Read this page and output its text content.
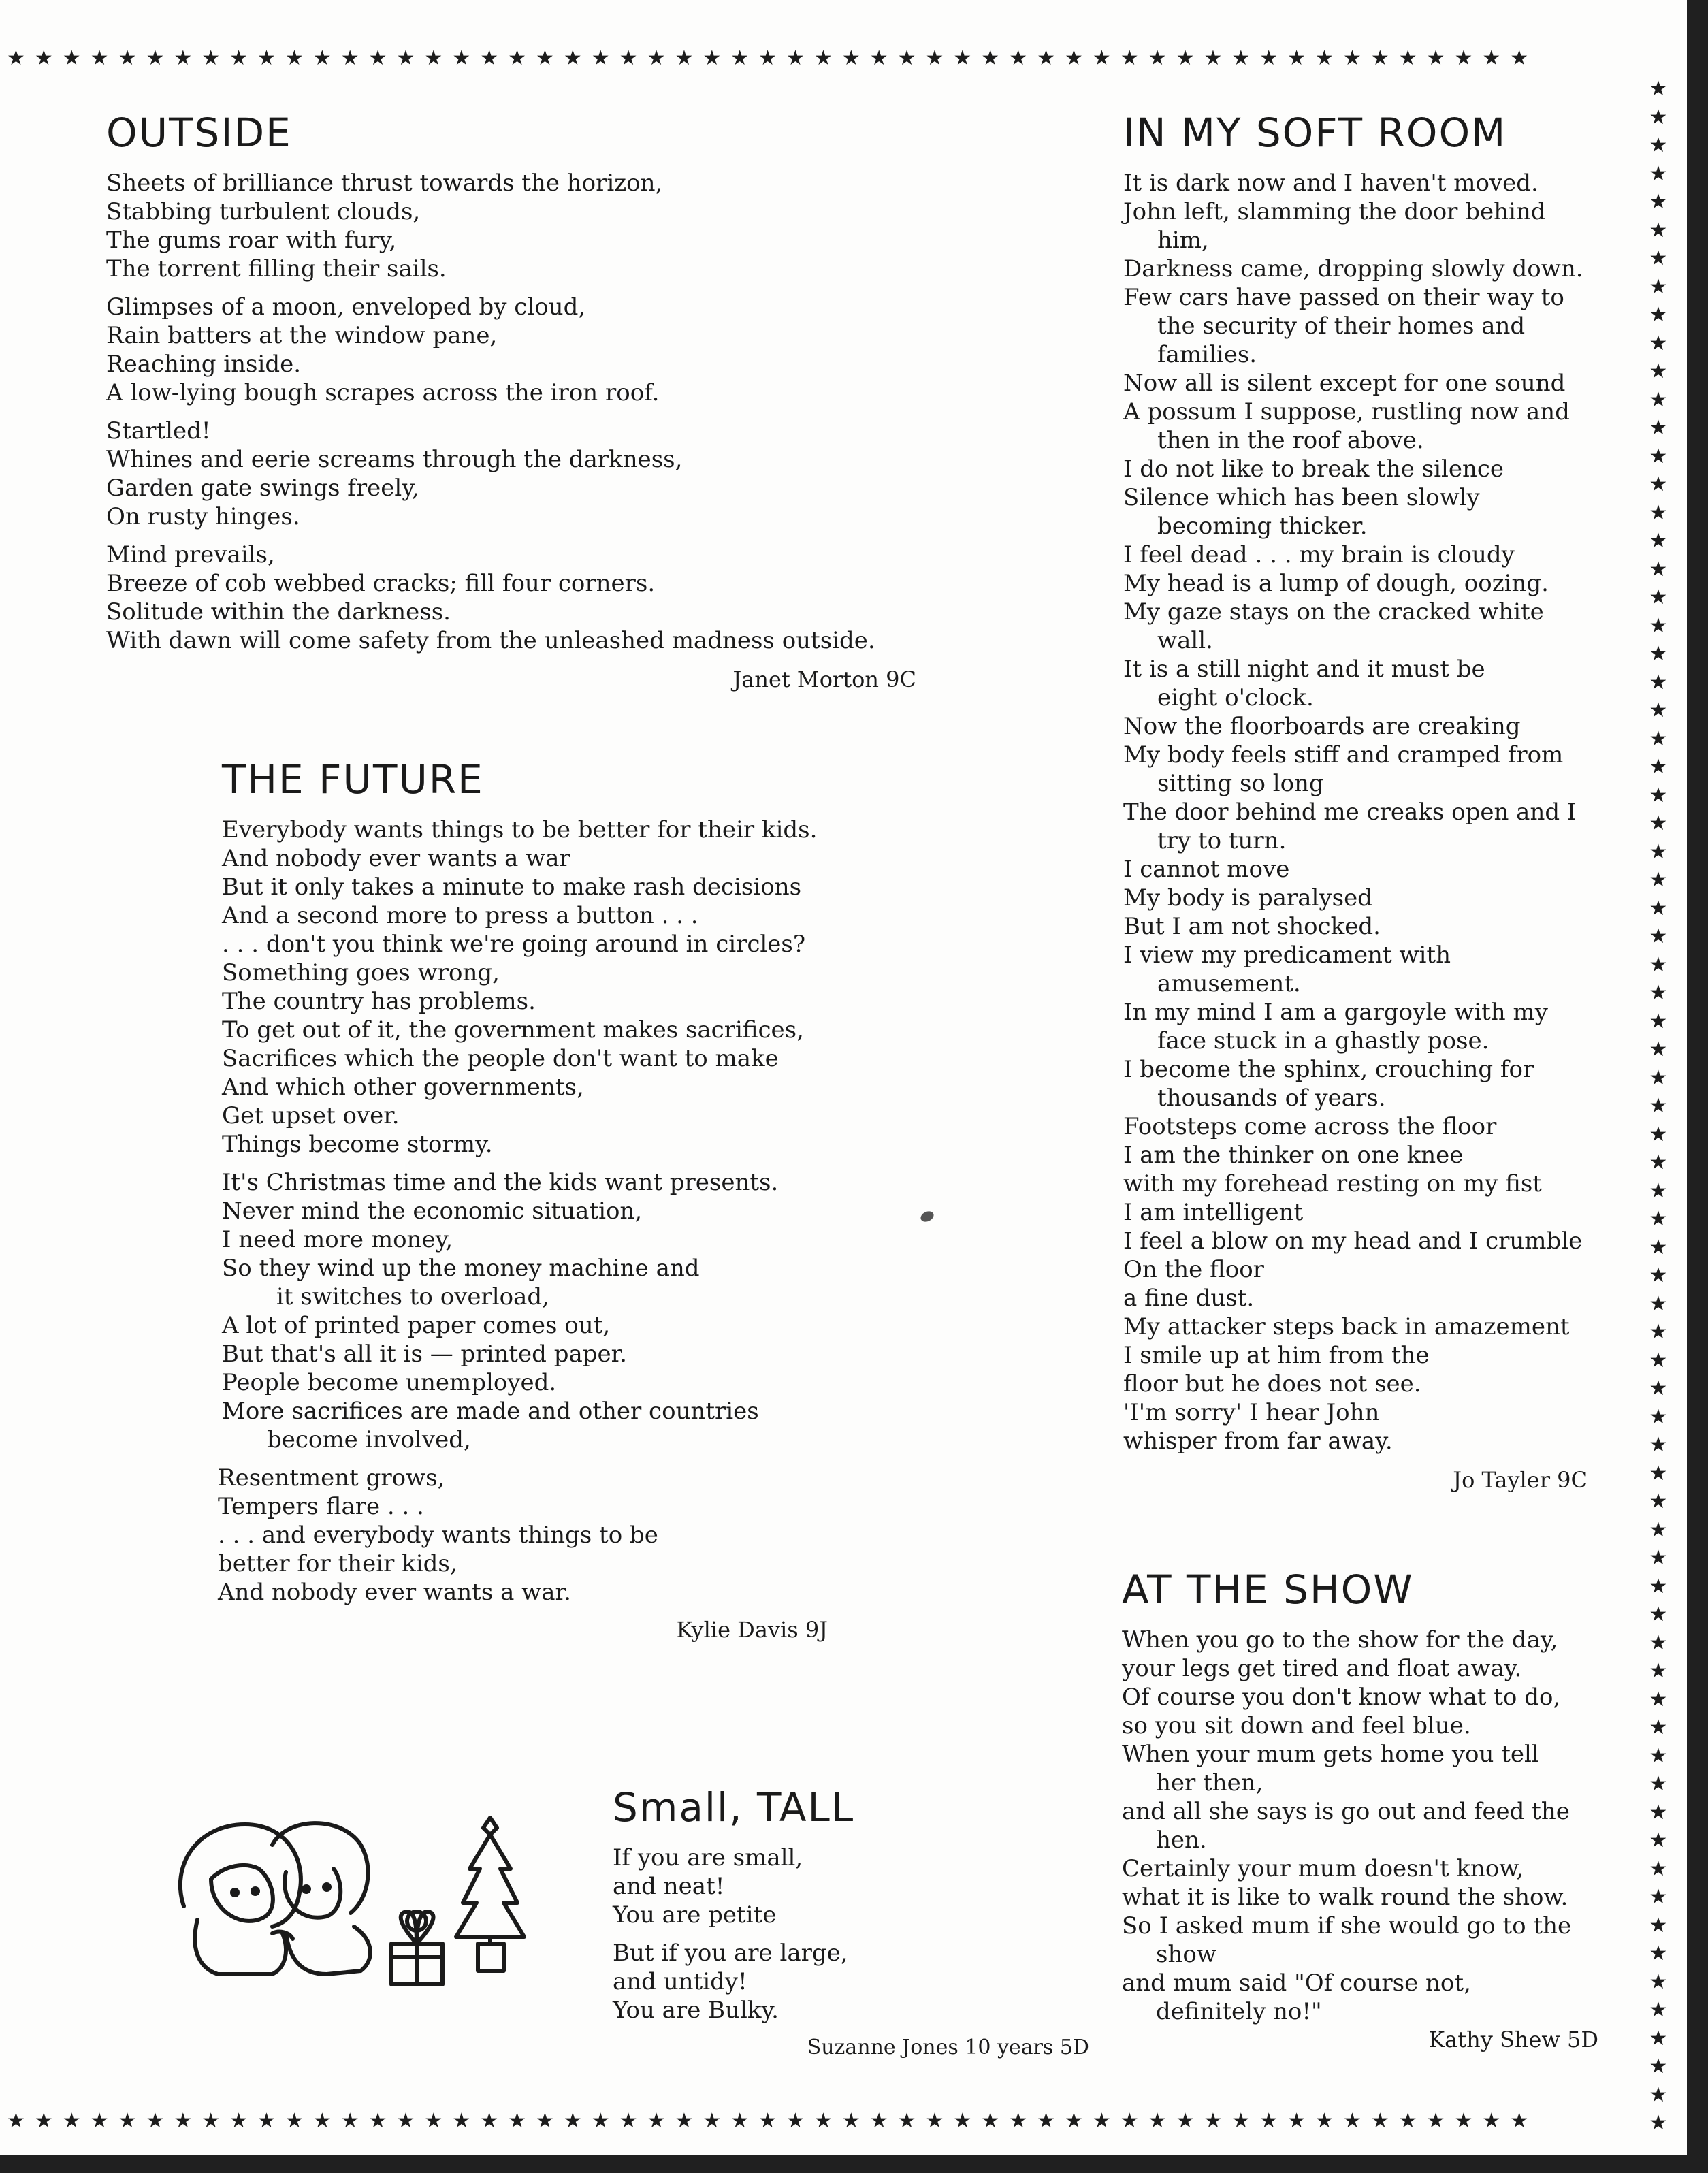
★★★★★★★★★★★★★★★★★★★★★★★★★★★★★★★★★★★★★★★★★★★★★★★★★★★★★★★
★
★
★
★
★
★
★
★
★
★
★
★
★
★
★
★
★
★
★
★
★
★
★
★
★
★
★
★
★
★
★
★
★
★
★
★
★
★
★
★
★
★
★
★
★
★
★
★
★
★
★
★
★
★
★
★
★
★
★
★
★
★
★
★
★
★
★
★
★
★
★
★
★
★★★★★★★★★★★★★★★★★★★★★★★★★★★★★★★★★★★★★★★★★★★★★★★★★★★★★★★
OUTSIDE
Sheets of brilliance thrust towards the horizon,
Stabbing turbulent clouds,
The gums roar with fury,
The torrent filling their sails.
Glimpses of a moon, enveloped by cloud,
Rain batters at the window pane,
Reaching inside.
A low-lying bough scrapes across the iron roof.
Startled!
Whines and eerie screams through the darkness,
Garden gate swings freely,
On rusty hinges.
Mind prevails,
Breeze of cob webbed cracks; fill four corners.
Solitude within the darkness.
With dawn will come safety from the unleashed madness outside.
Janet Morton 9C
THE FUTURE
Everybody wants things to be better for their kids.
And nobody ever wants a war
But it only takes a minute to make rash decisions
And a second more to press a button . . .
. . . don't you think we're going around in circles?
Something goes wrong,
The country has problems.
To get out of it, the government makes sacrifices,
Sacrifices which the people don't want to make
And which other governments,
Get upset over.
Things become stormy.
It's Christmas time and the kids want presents.
Never mind the economic situation,
I need more money,
So they wind up the money machine and
it switches to overload,
A lot of printed paper comes out,
But that's all it is — printed paper.
People become unemployed.
More sacrifices are made and other countries
become involved,
Resentment grows,
Tempers flare . . .
. . . and everybody wants things to be
better for their kids,
And nobody ever wants a war.
Kylie Davis 9J
IN MY SOFT ROOM
It is dark now and I haven't moved.
John left, slamming the door behind
him,
Darkness came, dropping slowly down.
Few cars have passed on their way to
the security of their homes and
families.
Now all is silent except for one sound
A possum I suppose, rustling now and
then in the roof above.
I do not like to break the silence
Silence which has been slowly
becoming thicker.
I feel dead . . . my brain is cloudy
My head is a lump of dough, oozing.
My gaze stays on the cracked white
wall.
It is a still night and it must be
eight o'clock.
Now the floorboards are creaking
My body feels stiff and cramped from
sitting so long
The door behind me creaks open and I
try to turn.
I cannot move
My body is paralysed
But I am not shocked.
I view my predicament with
amusement.
In my mind I am a gargoyle with my
face stuck in a ghastly pose.
I become the sphinx, crouching for
thousands of years.
Footsteps come across the floor
I am the thinker on one knee
with my forehead resting on my fist
I am intelligent
I feel a blow on my head and I crumble
On the floor
a fine dust.
My attacker steps back in amazement
I smile up at him from the
floor but he does not see.
'I'm sorry' I hear John
whisper from far away.
Jo Tayler 9C
AT THE SHOW
When you go to the show for the day,
your legs get tired and float away.
Of course you don't know what to do,
so you sit down and feel blue.
When your mum gets home you tell
her then,
and all she says is go out and feed the
hen.
Certainly your mum doesn't know,
what it is like to walk round the show.
So I asked mum if she would go to the
show
and mum said "Of course not,
definitely no!"
Kathy Shew 5D
Small, TALL
If you are small,
and neat!
You are petite
But if you are large,
and untidy!
You are Bulky.
Suzanne Jones 10 years 5D
